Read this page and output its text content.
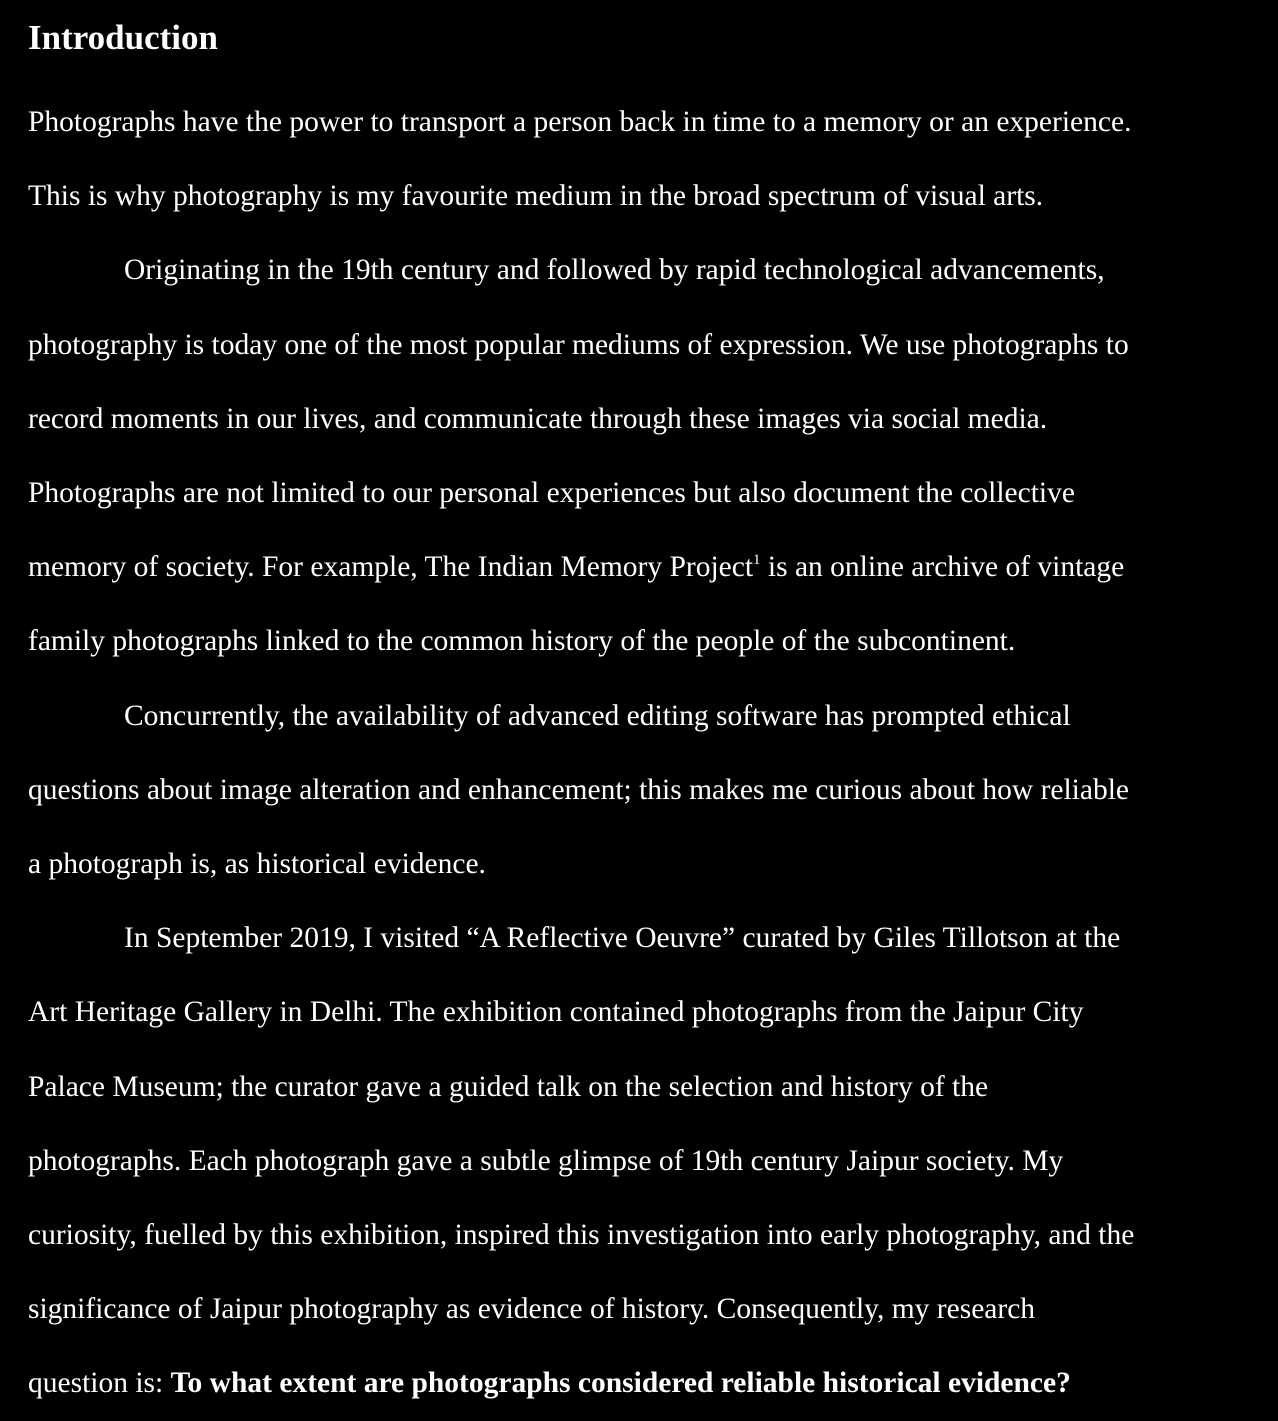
Introduction

Photographs have the power to transport a person back in time to a memory or an experience.
This is why photography is my favourite medium in the broad spectrum of visual arts.

Originating in the 19th century and followed by rapid technological advancements,
photography is today one of the most popular mediums of expression. We use photographs to
record moments in our lives, and communicate through these images via social media.
Photographs are not limited to our personal experiences but also document the collective
memory of society. For example, The Indian Memory Project$^1$ is an online archive of vintage
family photographs linked to the common history of the people of the subcontinent.

Concurrently, the availability of advanced editing software has prompted ethical
questions about image alteration and enhancement; this makes me curious about how reliable
a photograph is, as historical evidence.

In September 2019, I visited “A Reflective Oeuvre” curated by Giles Tillotson at the
Art Heritage Gallery in Delhi. The exhibition contained photographs from the Jaipur City
Palace Museum; the curator gave a guided talk on the selection and history of the
photographs. Each photograph gave a subtle glimpse of 19th century Jaipur society. My
curiosity, fuelled by this exhibition, inspired this investigation into early photography, and the
significance of Jaipur photography as evidence of history. Consequently, my research
question is: To what extent are photographs considered reliable historical evidence?
